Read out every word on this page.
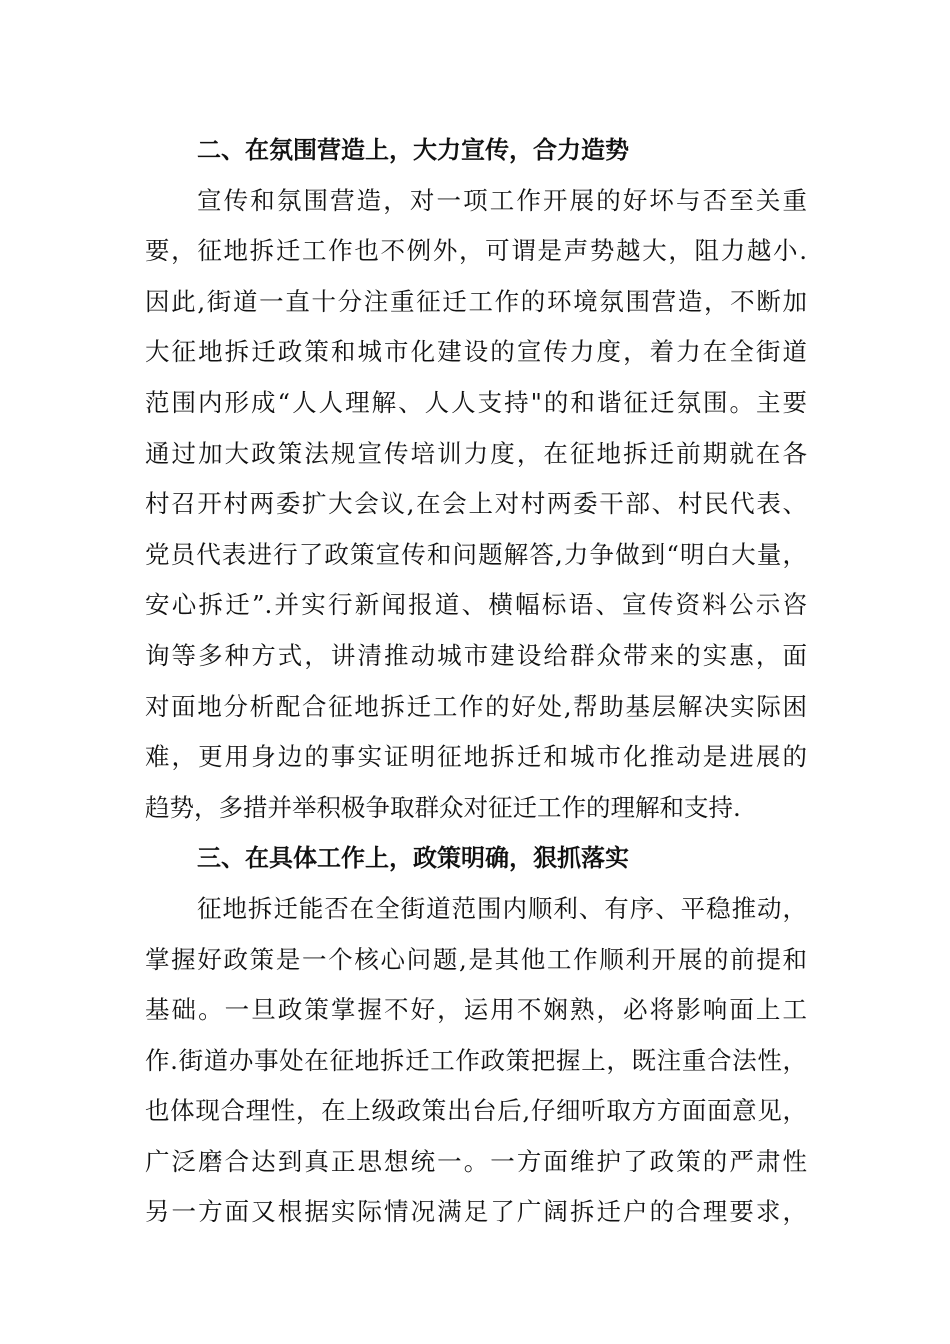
二、在氛围营造上，大力宣传，合力造势
宣传和氛围营造，对一项工作开展的好坏与否至关重
要，征地拆迁工作也不例外，可谓是声势越大，阻力越小.
因此,街道一直十分注重征迁工作的环境氛围营造，不断加
大征地拆迁政策和城市化建设的宣传力度，着力在全街道
范围内形成“人人理解、人人支持"的和谐征迁氛围。主要
通过加大政策法规宣传培训力度，在征地拆迁前期就在各
村召开村两委扩大会议,在会上对村两委干部、村民代表、
党员代表进行了政策宣传和问题解答,力争做到“明白大量，
安心拆迁”.并实行新闻报道、横幅标语、宣传资料公示咨
询等多种方式，讲清推动城市建设给群众带来的实惠，面
对面地分析配合征地拆迁工作的好处,帮助基层解决实际困
难，更用身边的事实证明征地拆迁和城市化推动是进展的
趋势，多措并举积极争取群众对征迁工作的理解和支持.
三、在具体工作上，政策明确，狠抓落实
征地拆迁能否在全街道范围内顺利、有序、平稳推动，
掌握好政策是一个核心问题,是其他工作顺利开展的前提和
基础。一旦政策掌握不好，运用不娴熟，必将影响面上工
作.街道办事处在征地拆迁工作政策把握上，既注重合法性，
也体现合理性，在上级政策出台后,仔细听取方方面面意见，
广泛磨合达到真正思想统一。一方面维护了政策的严肃性
另一方面又根据实际情况满足了广阔拆迁户的合理要求，
